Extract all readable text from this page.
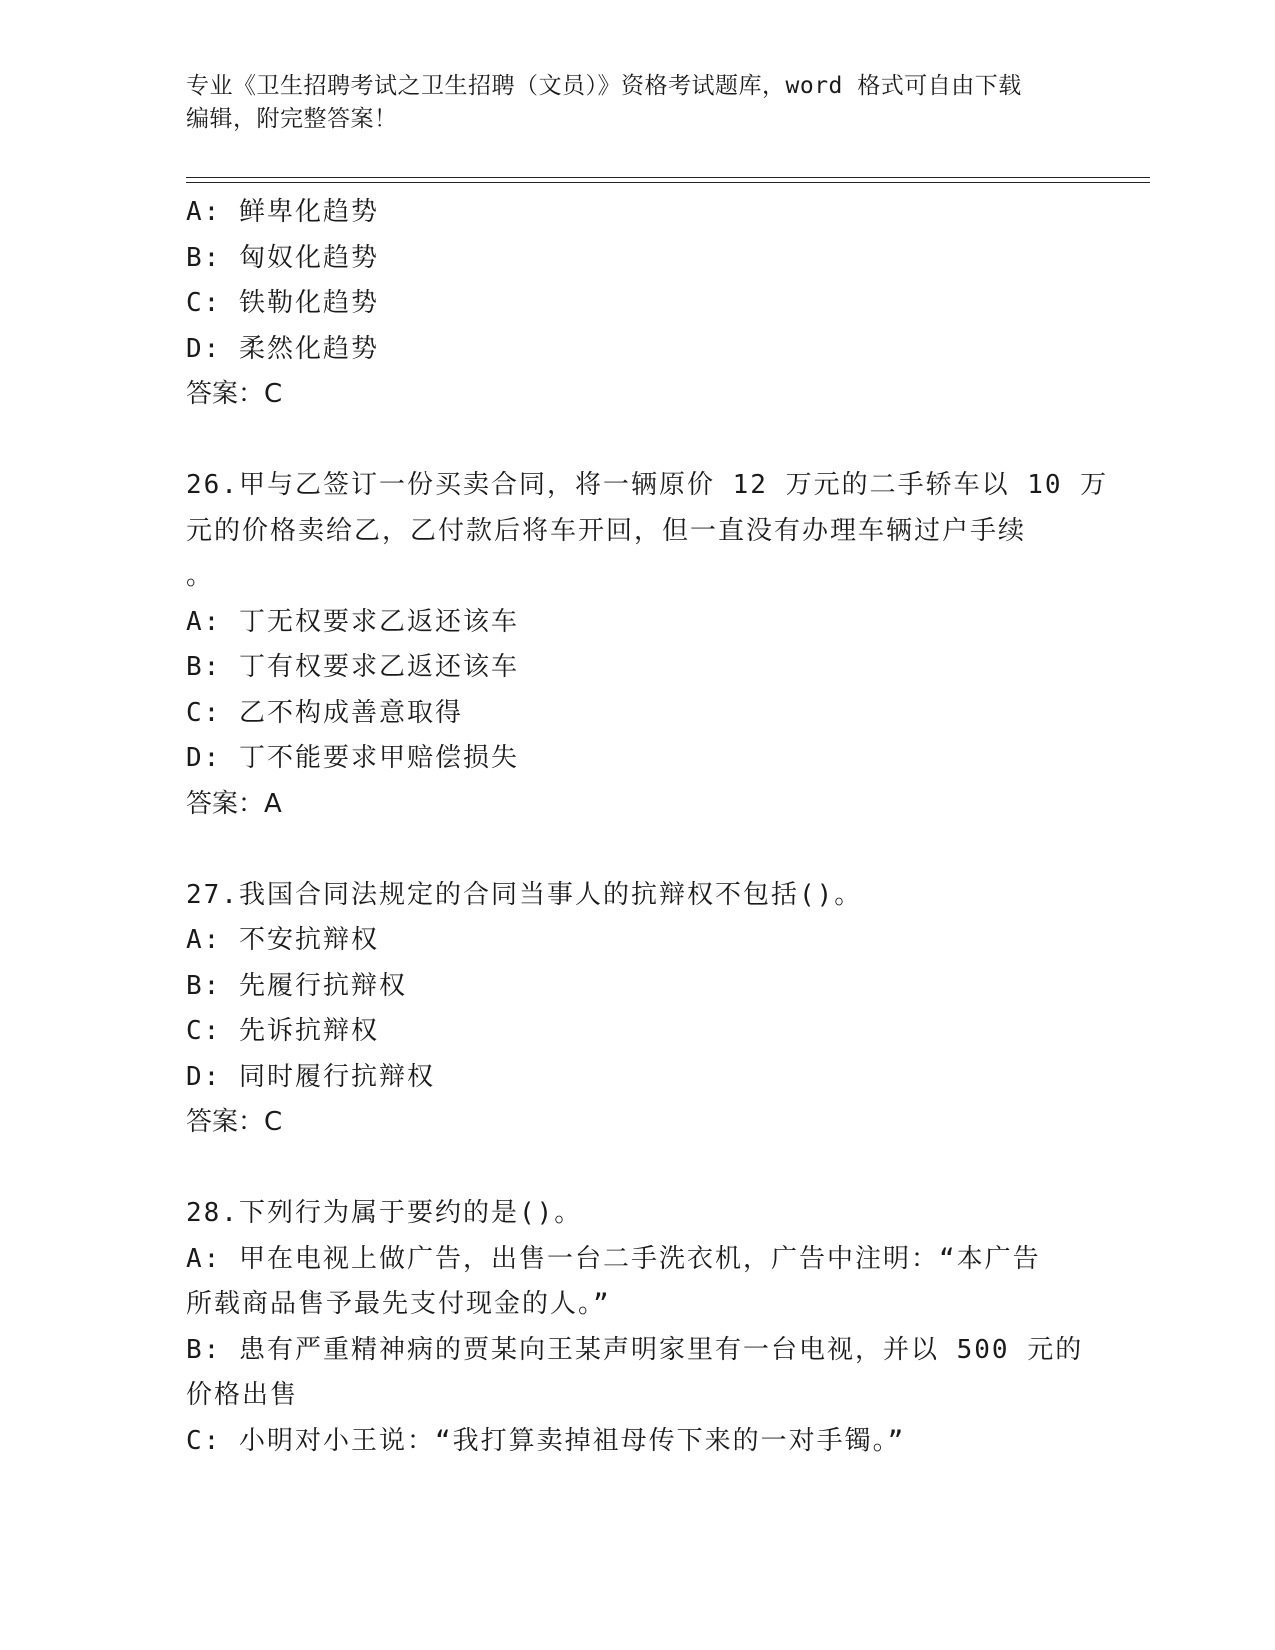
专业《卫生招聘考试之卫生招聘（文员）》资格考试题库，word 格式可自由下载
编辑，附完整答案！
A: 鲜卑化趋势
B: 匈奴化趋势
C: 铁勒化趋势
D: 柔然化趋势
答案：C
26.甲与乙签订一份买卖合同，将一辆原价 12 万元的二手轿车以 10 万
元的价格卖给乙，乙付款后将车开回，但一直没有办理车辆过户手续
。
A: 丁无权要求乙返还该车
B: 丁有权要求乙返还该车
C: 乙不构成善意取得
D: 丁不能要求甲赔偿损失
答案：A
27.我国合同法规定的合同当事人的抗辩权不包括()。
A: 不安抗辩权
B: 先履行抗辩权
C: 先诉抗辩权
D: 同时履行抗辩权
答案：C
28.下列行为属于要约的是()。
A: 甲在电视上做广告，出售一台二手洗衣机，广告中注明：“本广告
所载商品售予最先支付现金的人。”
B: 患有严重精神病的贾某向王某声明家里有一台电视，并以 500 元的
价格出售
C: 小明对小王说：“我打算卖掉祖母传下来的一对手镯。”
